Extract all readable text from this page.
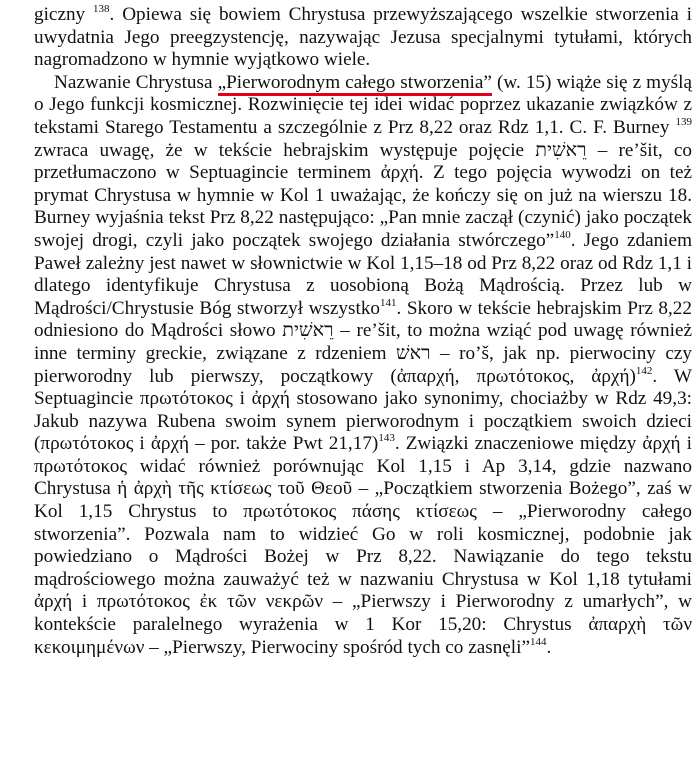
giczny $^{138}$. Opiewa się bowiem Chrystusa przewyższającego wszelkie stworzenia i uwydatnia Jego preegzystencję, nazywając Jezusa specjalnymi tytułami, których nagromadzono w hymnie wyjątkowo wiele.

Nazwanie Chrystusa „Pierworodnym całego stworzenia” (w. 15) wiąże się z myślą o Jego funkcji kosmicznej. Rozwinięcie tej idei widać poprzez ukazanie związków z tekstami Starego Testamentu a szczególnie z Prz 8,22 oraz Rdz 1,1. C. F. Burney $^{139}$ zwraca uwagę, że w tekście hebrajskim występuje pojęcie רֵאשִׁית – re’šit, co przetłumaczono w Septuagincie terminem ἀρχή. Z tego pojęcia wywodzi on też prymat Chrystusa w hymnie w Kol 1 uważając, że kończy się on już na wierszu 18. Burney wyjaśnia tekst Prz 8,22 następująco: „Pan mnie zaczął (czynić) jako początek swojej drogi, czyli jako początek swojego działania stwórczego”$^{140}$. Jego zdaniem Paweł zależny jest nawet w słownictwie w Kol 1,15–18 od Prz 8,22 oraz od Rdz 1,1 i dlatego identyfikuje Chrystusa z uosobioną Bożą Mądrością. Przez lub w Mądrości/Chrystusie Bóg stworzył wszystko$^{141}$. Skoro w tekście hebrajskim Prz 8,22 odniesiono do Mądrości słowo רֵאשִׁית – re’šit, to można wziąć pod uwagę również inne terminy greckie, związane z rdzeniem ראשׁ – ro’š, jak np. pierwociny czy pierworodny lub pierwszy, początkowy (ἀπαρχή, πρωτότοκος, ἀρχή)$^{142}$. W Septuagincie πρωτότοκος i ἀρχή stosowano jako synonimy, chociażby w Rdz 49,3: Jakub nazywa Rubena swoim synem pierworodnym i początkiem swoich dzieci (πρωτότοκος i ἀρχή – por. także Pwt 21,17)$^{143}$. Związki znaczeniowe między ἀρχή i πρωτότοκος widać również porównując Kol 1,15 i Ap 3,14, gdzie nazwano Chrystusa ἡ ἀρχὴ τῆς κτίσεως τοῦ Θεοῦ – „Początkiem stworzenia Bożego”, zaś w Kol 1,15 Chrystus to πρωτότοκος πάσης κτίσεως – „Pierworodny całego stworzenia”. Pozwala nam to widzieć Go w roli kosmicznej, podobnie jak powiedziano o Mądrości Bożej w Prz 8,22. Nawiązanie do tego tekstu mądrościowego można zauważyć też w nazwaniu Chrystusa w Kol 1,18 tytułami ἀρχή i πρωτότοκος ἐκ τῶν νεκρῶν – „Pierwszy i Pierworodny z umarłych”, w kontekście paralelnego wyrażenia w 1 Kor 15,20: Chrystus ἀπαρχὴ τῶν κεκοιμημένων – „Pierwszy, Pierwociny spośród tych co zasnęli”$^{144}$.
